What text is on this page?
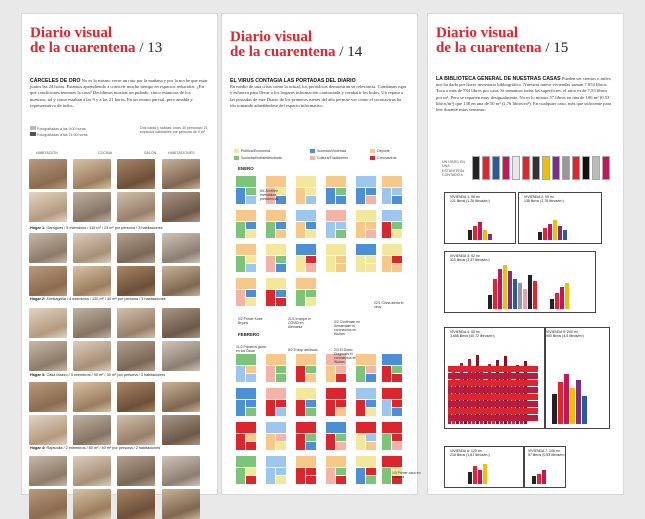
Diario visual
de la cuarentena / 13
CÁRCELES DE ORO No es lo mismo verse un rato por la mañana y por la noche que estar juntos las 24 horas. Estamos aprendiendo a convivir mucho tiempo en espacios reducidos. ¿En qué condiciones tenemos la casa? Decidimos mostrar un puñado: cinco estancias de los nuestros, tal y como estaban a las 9 y a las 21 horas. En un retrato parcial, pero amable y representativo de todos.
Fotografiadas a las 9:00 horas
Fotografiadas a las 21:00 horas
Dos caras y salidas: unas 30 personas: 21 espacios habitables por persona de 9 m²
HABITACIÓN	COCINA	SALÓN	HABITACIONES
Hogar 1: Garrigues / 5 miembros / 115 m² / 23 m² por persona / 3 habitaciones
Hogar 2: Ermitagaña / 4 miembros / 120 m² / 30 m² por persona / 3 habitaciones
Hogar 3: Casa Mazzo / 3 miembros / 90 m² / 30 m² por persona / 3 habitaciones
Hogar 4: Rapsodia / 2 miembros / 80 m² / 40 m² por persona / 2 habitaciones
Diario visual
de la cuarentena / 14
EL VIRUS CONTAGIA LAS PORTADAS DEL DIARIO
En medio de una crisis como la actual, los periódicos demuestran su relevancia. Combinan rigor y esfuerzo para llevar a los hogares información contrastada y combatir los bulos. Un repaso a las portadas de este Diario de los primeros meses del año permite ver cómo el coronavirus ha ido tomando adueñándose del espacio informativo.
Política/Economía	Sucesos/Violencia	Deporte
Sociedad/Infraestructuras	Cultura/Tradiciones	Coronavirus
ENERO
FEBRERO
8/1 Al rehén investidura presidencial
22/1 China alerta el virus
2/2 Primer Kobe Bryant
21/1 Irrumpe el COVID en Alemania
3/2 Confirman en Amsterdam el coronavirus en Wuhan
21/2 Primeros gana en los Óscar	8/2 Trump arbitrado	2/3 El Diario Diagnosis el coronavirus en Wuhan
1/3 Primer caso en Navarra
Diario visual
de la cuarentena / 15
LA BIBLIOTECA GENERAL DE NUESTRAS CASAS Pueden ser cientos o miles, nos ha dado por hacer inventario bibliográfico. Nuestras nueve viviendas suman 7.054 libros. Toca a más de 784 libros por casa. Si sumamos todas las superficies, el ratio es de 7,55 libros por m². Pero se reparten muy desigualmente. No es lo mismo 57 libros en una de 106 m² (0,53 libros/m²) que 138 en una de 50 m² (2,76 libros/m²). En cualquier caso, más que suficiente para leer durante estas semanas.
UN LIBRO EN UNA ESTANTERÍA CONTADO A
VIVIENDA 1: 96 m²
121 libros (1,26 libros/m²)
VIVIENDA 2: 50 m²
138 libros (2,76 libros/m²)
VIVIENDA 3: 92 m²
310 libros (3,37 libros/m²)
VIVIENDA 4: 90 m²
3.658 libros (40,72 libros/m²)
VIVIENDA 5: 200 m²
900 libros (4,5 libros/m²)
VIVIENDA 6: 120 m²
218 libros (1,81 libros/m²)
VIVIENDA 7: 106 m²
57 libros (0,53 libros/m²)
